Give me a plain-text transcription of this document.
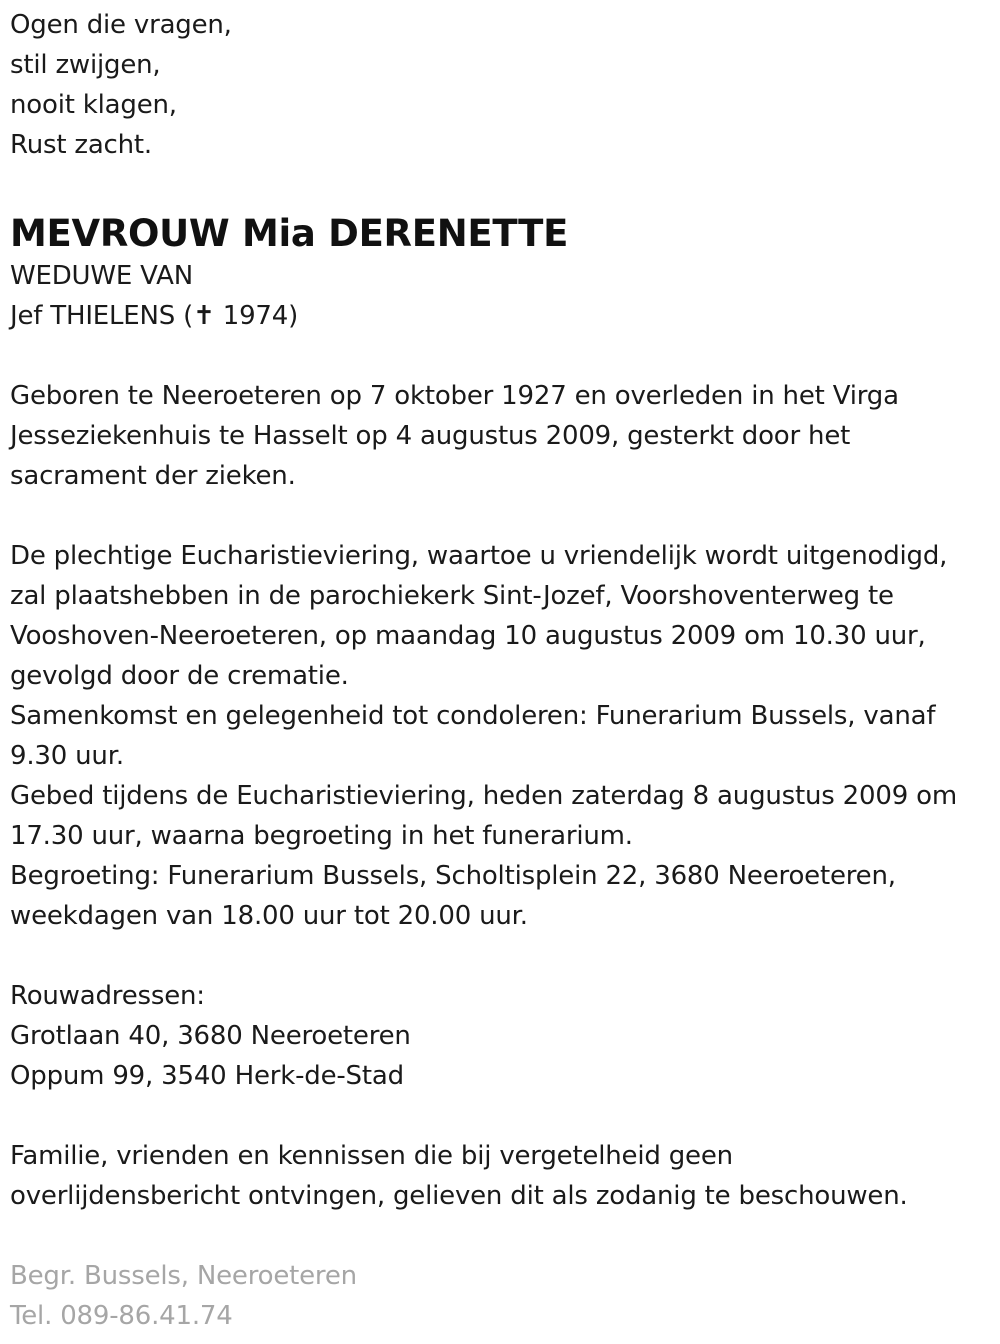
Ogen die vragen,
stil zwijgen,
nooit klagen,
Rust zacht.
MEVROUW Mia DERENETTE
WEDUWE VAN
Jef THIELENS (✝ 1974)
Geboren te Neeroeteren op 7 oktober 1927 en overleden in het Virga
Jesseziekenhuis te Hasselt op 4 augustus 2009, gesterkt door het
sacrament der zieken.
De plechtige Eucharistieviering, waartoe u vriendelijk wordt uitgenodigd,
zal plaatshebben in de parochiekerk Sint-Jozef, Voorshoventerweg te
Vooshoven-Neeroeteren, op maandag 10 augustus 2009 om 10.30 uur,
gevolgd door de crematie.
Samenkomst en gelegenheid tot condoleren: Funerarium Bussels, vanaf
9.30 uur.
Gebed tijdens de Eucharistieviering, heden zaterdag 8 augustus 2009 om
17.30 uur, waarna begroeting in het funerarium.
Begroeting: Funerarium Bussels, Scholtisplein 22, 3680 Neeroeteren,
weekdagen van 18.00 uur tot 20.00 uur.
Rouwadressen:
Grotlaan 40, 3680 Neeroeteren
Oppum 99, 3540 Herk-de-Stad
Familie, vrienden en kennissen die bij vergetelheid geen
overlijdensbericht ontvingen, gelieven dit als zodanig te beschouwen.
Begr. Bussels, Neeroeteren
Tel. 089-86.41.74
